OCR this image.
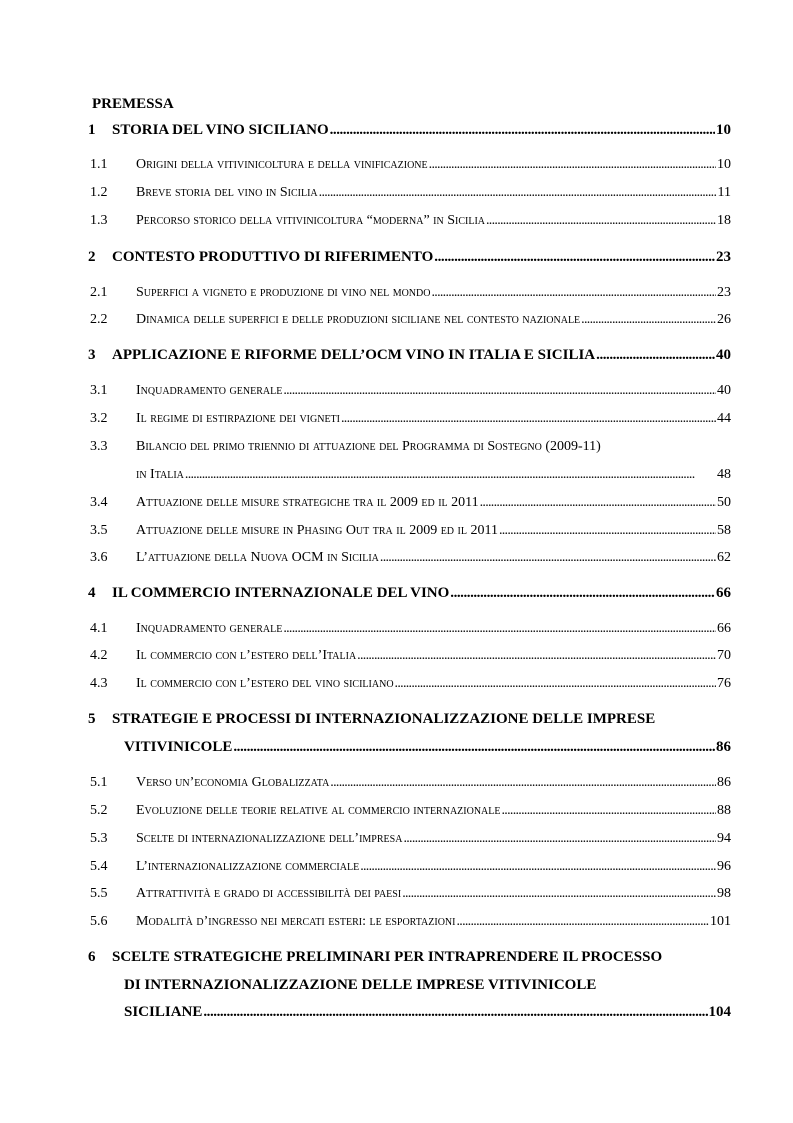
PREMESSA
1 STORIA DEL VINO SICILIANO . . .	10
1.1 Origini della vitivinicoltura e della vinificazione . . .	10
1.2 Breve storia del vino in Sicilia . . .	11
1.3 Percorso storico della vitivinicoltura “moderna” in Sicilia . . .	18
2 CONTESTO PRODUTTIVO DI RIFERIMENTO . . .	23
2.1 Superfici a vigneto e produzione di vino nel mondo . . .	23
2.2 Dinamica delle superfici e delle produzioni siciliane nel contesto nazionale . . .	26
3 APPLICAZIONE E RIFORME DELL’OCM VINO IN ITALIA E SICILIA . . .	40
3.1 Inquadramento generale . . .	40
3.2 Il regime di estirpazione dei vigneti . . .	44
3.3 Bilancio del primo triennio di attuazione del Programma di Sostegno (2009-11)
in Italia . . .	48
3.4 Attuazione delle misure strategiche tra il 2009 ed il 2011 . . .	50
3.5 Attuazione delle misure in Phasing Out tra il 2009 ed il 2011 . . .	58
3.6 L’attuazione della Nuova OCM in Sicilia . . .	62
4 IL COMMERCIO INTERNAZIONALE DEL VINO . . .	66
4.1 Inquadramento generale . . .	66
4.2 Il commercio con l’estero dell’Italia . . .	70
4.3 Il commercio con l’estero del vino siciliano . . .	76
5 STRATEGIE E PROCESSI DI INTERNAZIONALIZZAZIONE DELLE IMPRESE
VITIVINICOLE . . .	86
5.1 Verso un’economia Globalizzata . . .	86
5.2 Evoluzione delle teorie relative al commercio internazionale . . .	88
5.3 Scelte di internazionalizzazione dell’impresa . . .	94
5.4 L’internazionalizzazione commerciale . . .	96
5.5 Attrattività e grado di accessibilità dei paesi . . .	98
5.6 Modalità d’ingresso nei mercati esteri: le esportazioni . . .	101
6 SCELTE STRATEGICHE PRELIMINARI PER INTRAPRENDERE IL PROCESSO
DI INTERNAZIONALIZZAZIONE DELLE IMPRESE VITIVINICOLE
SICILIANE . . .	104
